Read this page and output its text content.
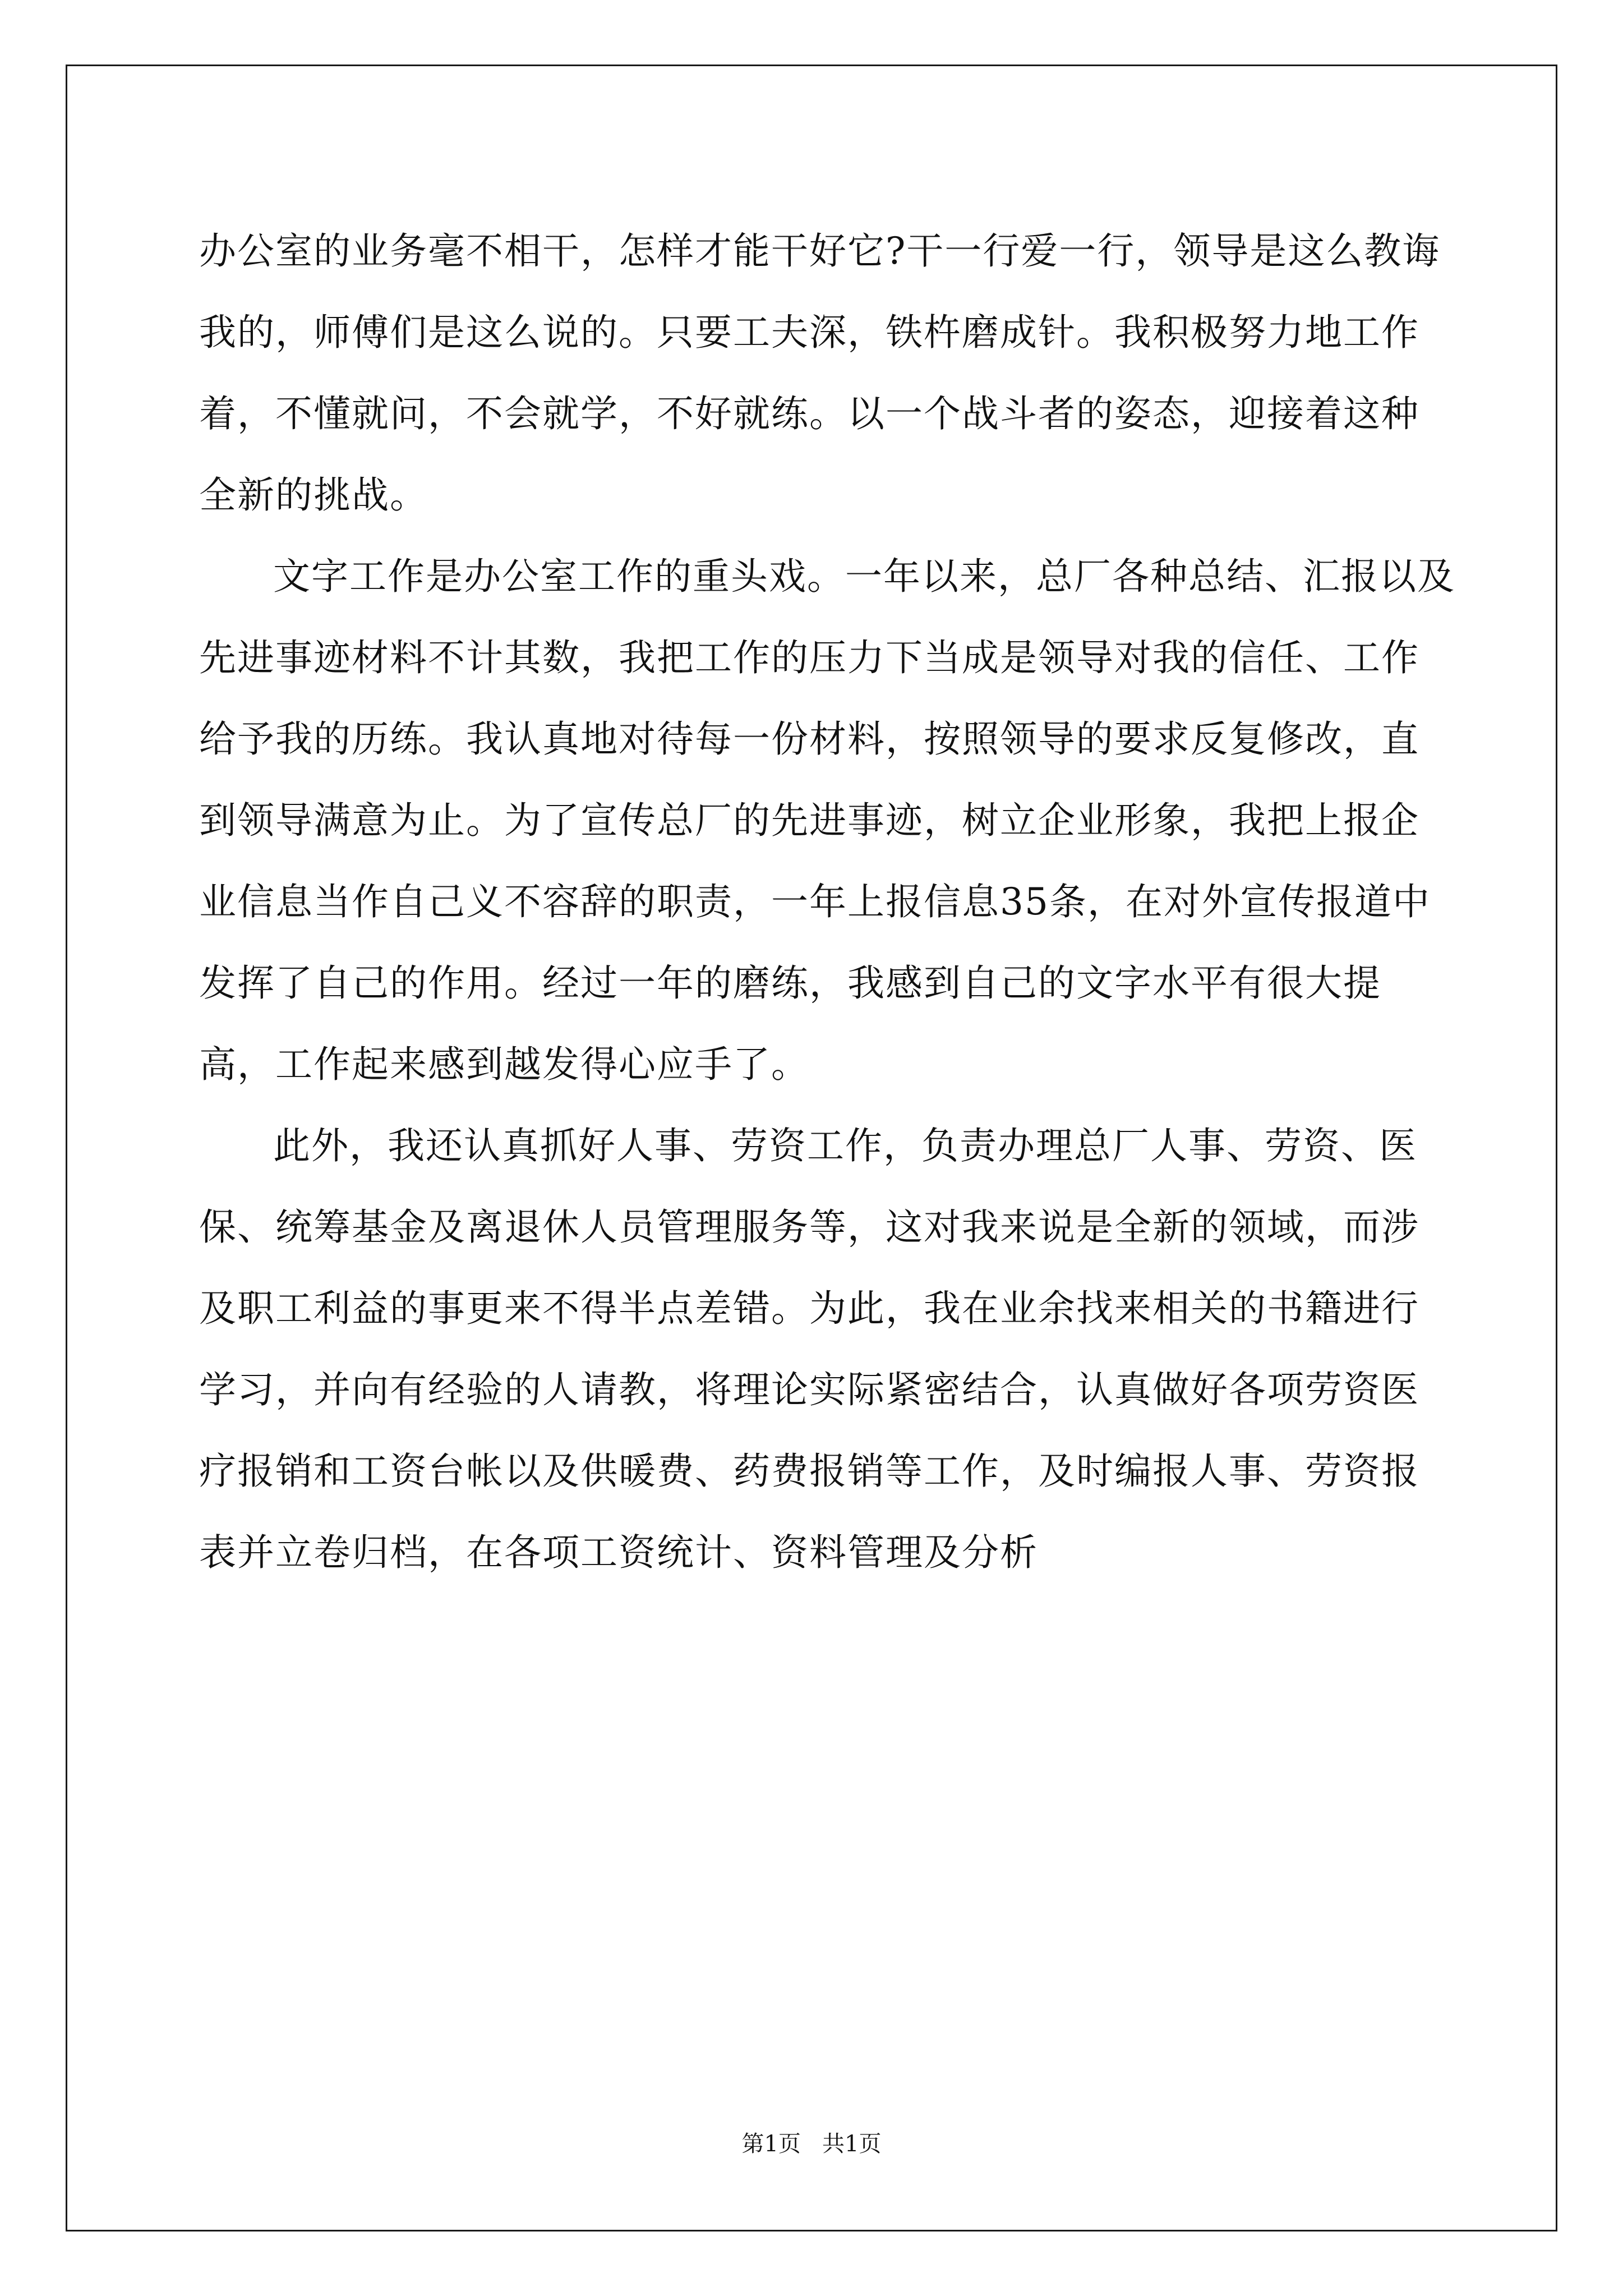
办公室的业务毫不相干，怎样才能干好它?干一行爱一行，领导是这么教诲我的，师傅们是这么说的。只要工夫深，铁杵磨成针。我积极努力地工作着，不懂就问，不会就学，不好就练。以一个战斗者的姿态，迎接着这种全新的挑战。

文字工作是办公室工作的重头戏。一年以来，总厂各种总结、汇报以及先进事迹材料不计其数，我把工作的压力下当成是领导对我的信任、工作给予我的历练。我认真地对待每一份材料，按照领导的要求反复修改，直到领导满意为止。为了宣传总厂的先进事迹，树立企业形象，我把上报企业信息当作自己义不容辞的职责，一年上报信息35条，在对外宣传报道中发挥了自己的作用。经过一年的磨练，我感到自己的文字水平有很大提高，工作起来感到越发得心应手了。

此外，我还认真抓好人事、劳资工作，负责办理总厂人事、劳资、医保、统筹基金及离退休人员管理服务等，这对我来说是全新的领域，而涉及职工利益的事更来不得半点差错。为此，我在业余找来相关的书籍进行学习，并向有经验的人请教，将理论实际紧密结合，认真做好各项劳资医疗报销和工资台帐以及供暖费、药费报销等工作，及时编报人事、劳资报表并立卷归档，在各项工资统计、资料管理及分析

第1页 共1页
